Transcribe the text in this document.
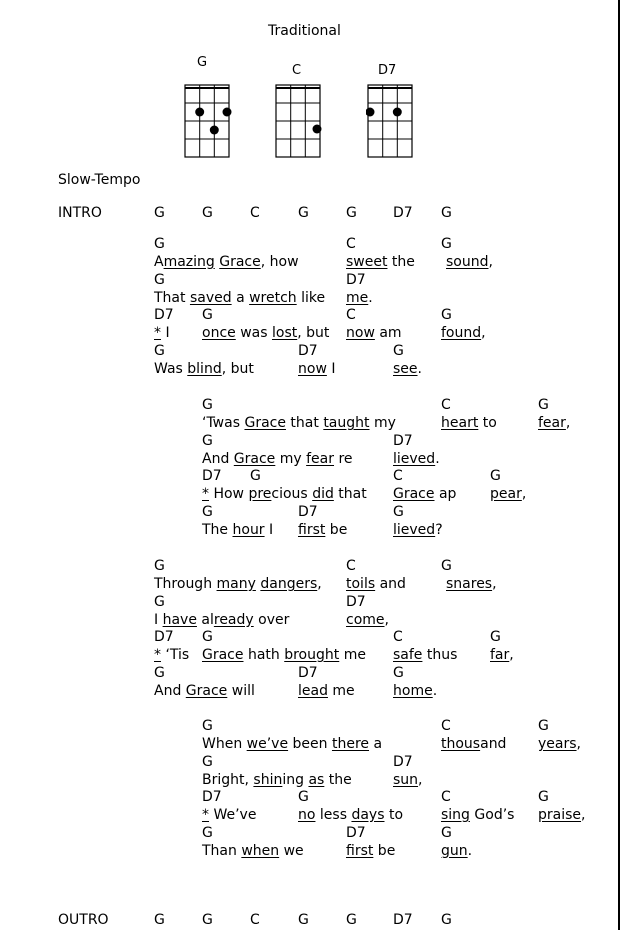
Traditional
G
C	D7
Slow-Tempo
INTRO	G	G	C	G	G	D7 G
G	C	G
Amazing Grace, how	sweet the sound,
G	D7
That saved a wretch like me.
D7 G	C	G
* I once was lost, but now am	found,
G	D7	G
Was blind, but	now I	see.
G	C	G
‘Twas Grace that taught my	heart to	fear,
G	D7
And Grace my fear re	lieved.
D7 G	C	G
* How precious did that Grace ap pear,
G	D7	G
The hour I first be	lieved?
G	C	G
Through many dangers, toils and	snares,
G	D7
I have already over	come,
D7 G	C	G
* ‘Tis Grace hath brought me safe thus far,
G	D7	G
And Grace will	lead me	home.
G	C	G
When we’ve been there a	thousand years,
G	D7
Bright, shining as the	sun,
D7	G	C	G
* We’ve	no less days to	sing God’s praise,
G	D7	G
Than when we	first be	gun.
OUTRO	G	G	C	G	G	D7 G
